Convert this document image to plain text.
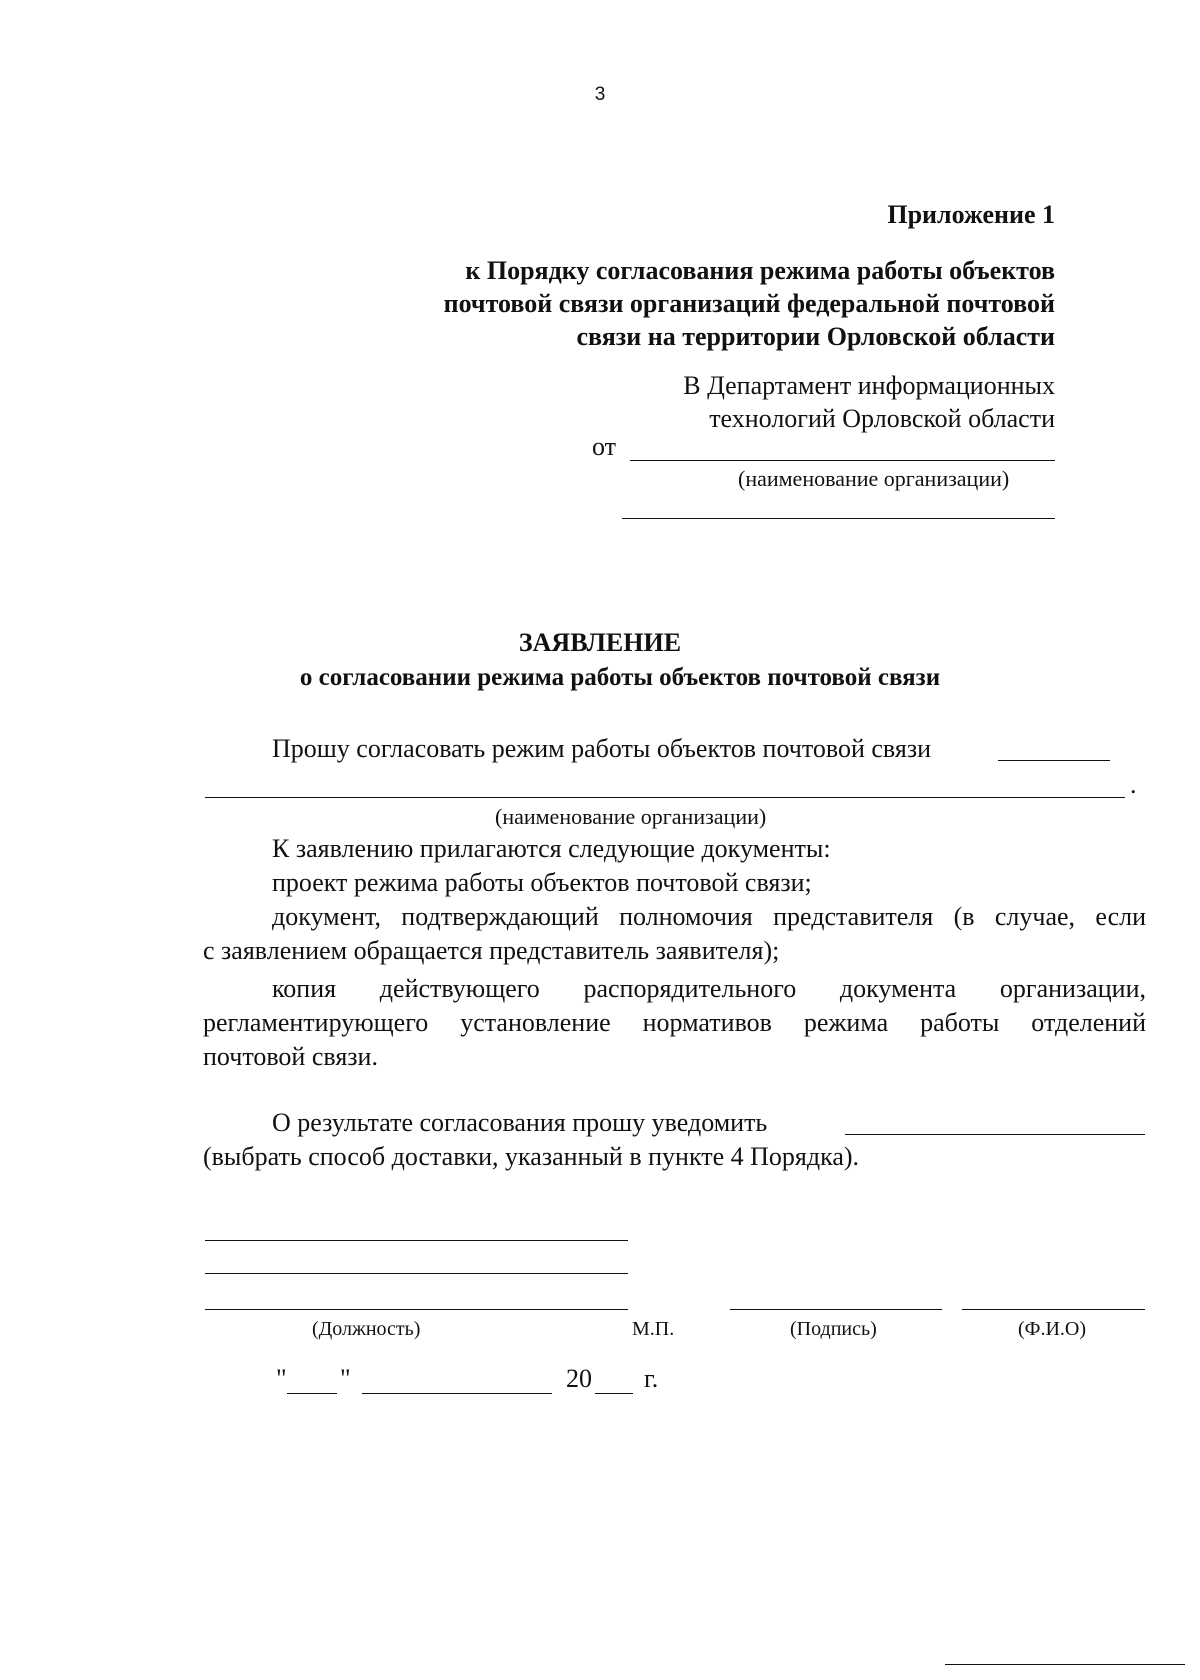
3
Приложение 1
к Порядку согласования режима работы объектов
почтовой связи организаций федеральной почтовой
связи на территории Орловской области
В Департамент информационных
технологий Орловской области
от
(наименование организации)
ЗАЯВЛЕНИЕ
о согласовании режима работы объектов почтовой связи
Прошу согласовать режим работы объектов почтовой связи
.
(наименование организации)
К заявлению прилагаются следующие документы:
проект режима работы объектов почтовой связи;
документ, подтверждающий полномочия представителя (в случае, если
с заявлением обращается представитель заявителя);
копия действующего распорядительного документа организации,
регламентирующего установление нормативов режима работы отделений
почтовой связи.
О результате согласования прошу уведомить
(выбрать способ доставки, указанный в пункте 4 Порядка).
(Должность)	М.П.	(Подпись)	(Ф.И.О)
" "	20 г.
